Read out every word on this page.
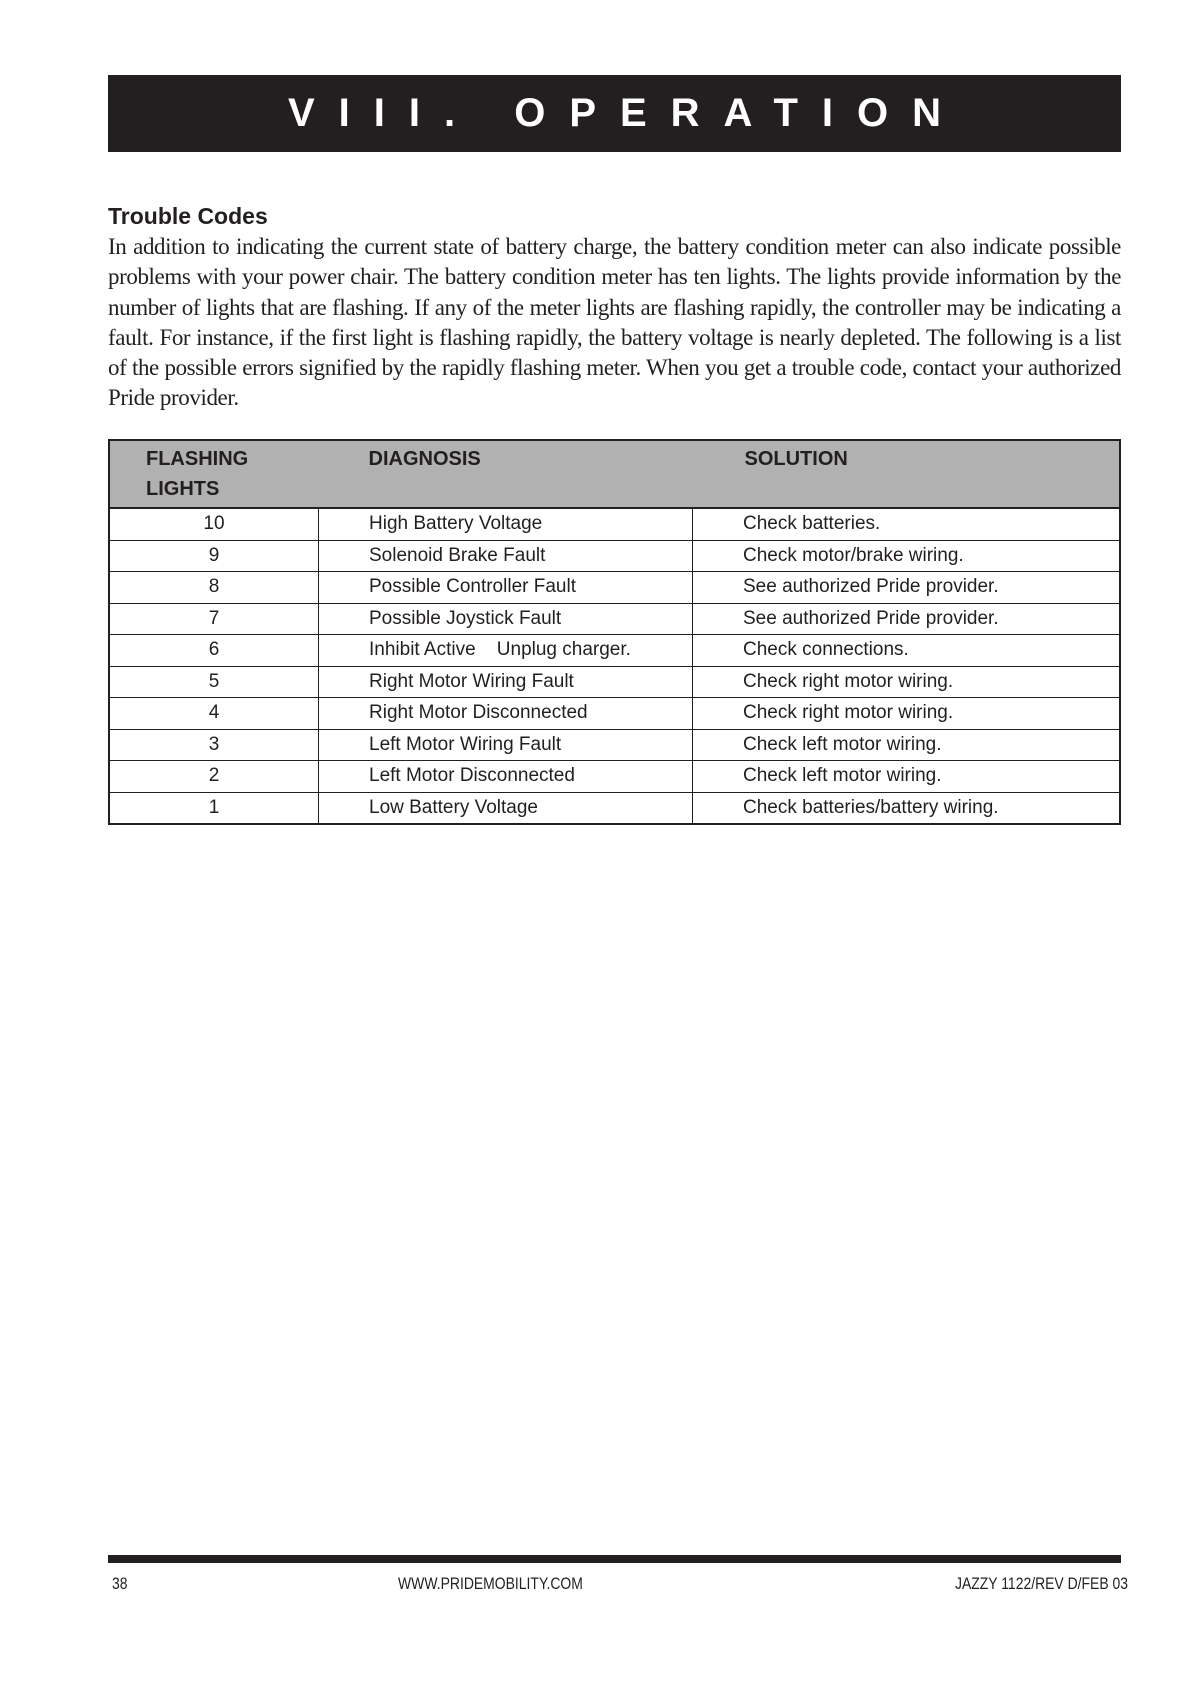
VIII. OPERATION
Trouble Codes

In addition to indicating the current state of battery charge, the battery condition meter can also indicate possible problems with your power chair. The battery condition meter has ten lights. The lights provide information by the number of lights that are flashing. If any of the meter lights are flashing rapidly, the controller may be indicating a fault. For instance, if the first light is flashing rapidly, the battery voltage is nearly depleted. The following is a list of the possible errors signified by the rapidly flashing meter. When you get a trouble code, contact your authorized Pride provider.

FLASHING
LIGHTS	DIAGNOSIS	SOLUTION
10	High Battery Voltage	Check batteries.
9	Solenoid Brake Fault	Check motor/brake wiring.
8	Possible Controller Fault	See authorized Pride provider.
7	Possible Joystick Fault	See authorized Pride provider.
6	Inhibit Active    Unplug charger.	Check connections.
5	Right Motor Wiring Fault	Check right motor wiring.
4	Right Motor Disconnected	Check right motor wiring.
3	Left Motor Wiring Fault	Check left motor wiring.
2	Left Motor Disconnected	Check left motor wiring.
1	Low Battery Voltage	Check batteries/battery wiring.
38	WWW.PRIDEMOBILITY.COM	JAZZY 1122/REV D/FEB 03
